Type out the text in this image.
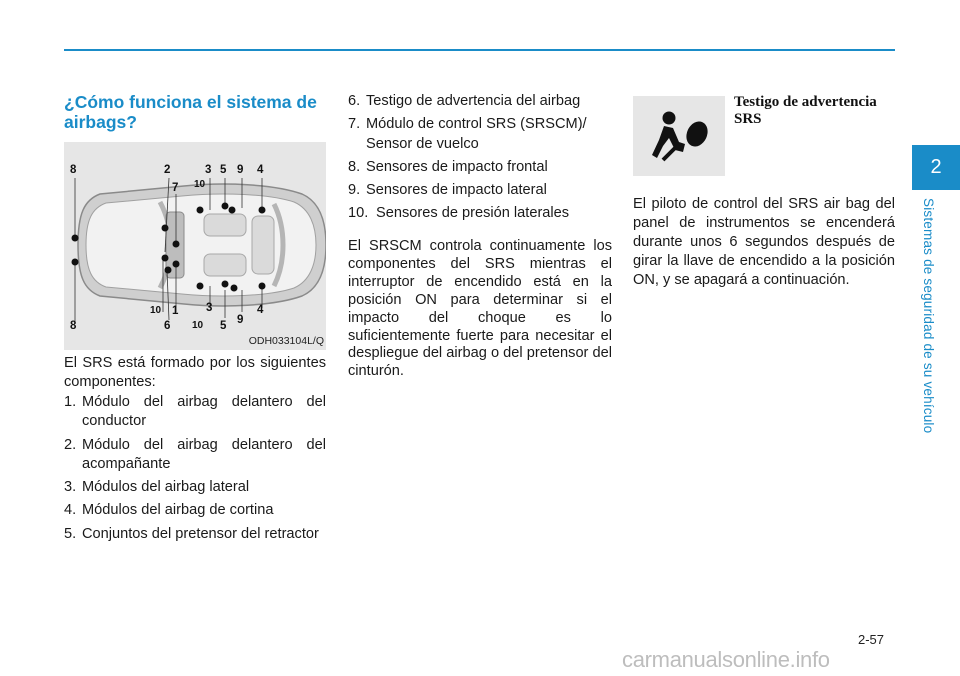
¿Cómo funciona el sistema de airbags?
8	2
7 10
3 5 9 4
8
10 1
6 10
3
5 9
4
ODH033104L/Q

El SRS está formado por los siguientes componentes:

1. Módulo del airbag delantero del conductor
2. Módulo del airbag delantero del acompañante
3. Módulos del airbag lateral
4. Módulos del airbag de cortina
5. Conjuntos del pretensor del retractor
6. Testigo de advertencia del airbag
7. Módulo de control SRS (SRSCM)/ Sensor de vuelco
8. Sensores de impacto frontal
9. Sensores de impacto lateral
10. Sensores de presión laterales

El SRSCM controla continuamente los componentes del SRS mientras el interruptor de encendido está en la posición ON para determinar si el impacto del choque es lo suficientemente fuerte para necesitar el despliegue del airbag o del pretensor del cinturón.

Testigo de advertencia SRS

El piloto de control del SRS air bag del panel de instrumentos se encenderá durante unos 6 segundos después de girar la llave de encendido a la posición ON, y se apagará a continuación.

2
Sistemas de seguridad de su vehículo
2-57
carmanualsonline.info
